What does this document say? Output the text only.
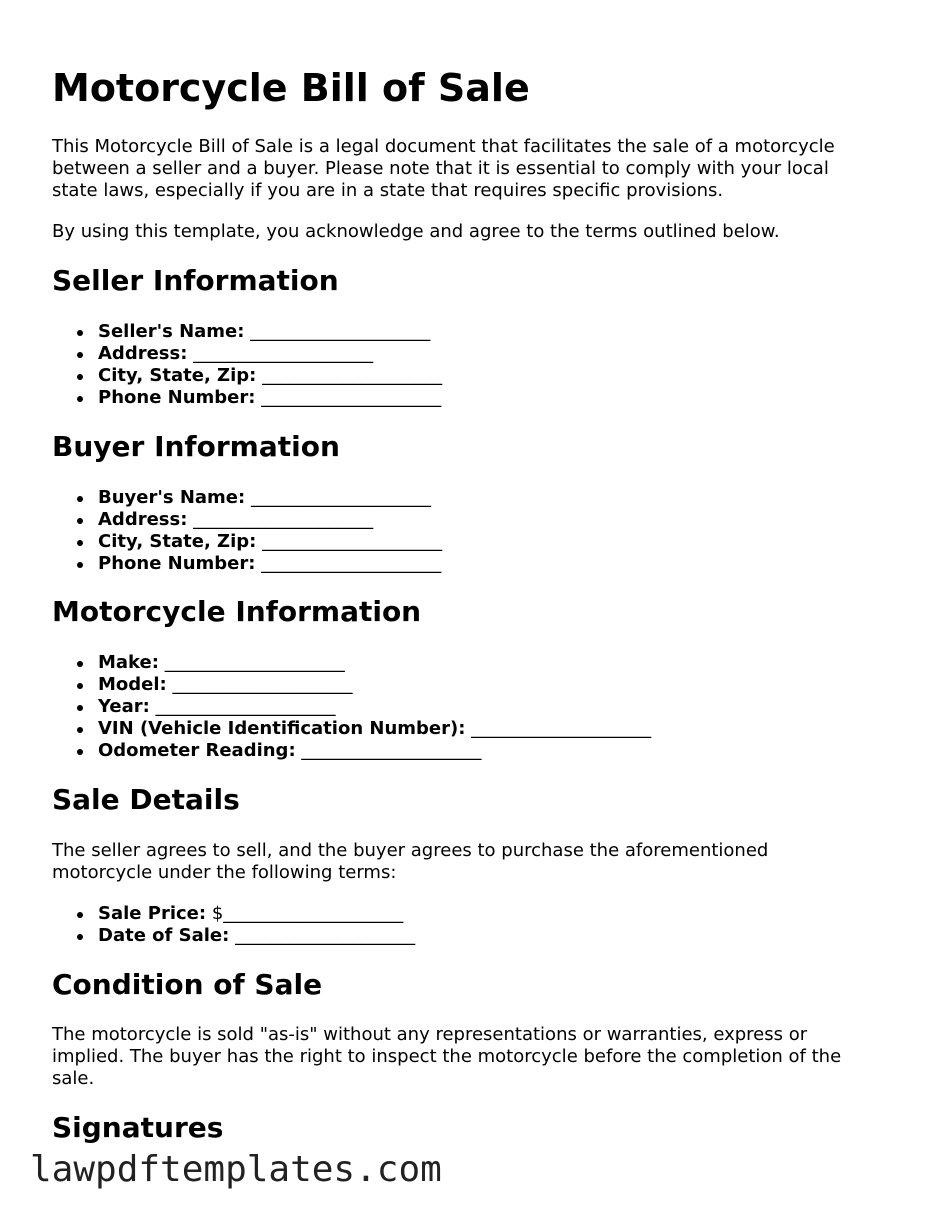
Motorcycle Bill of Sale

This Motorcycle Bill of Sale is a legal document that facilitates the sale of a motorcycle between a seller and a buyer. Please note that it is essential to comply with your local state laws, especially if you are in a state that requires specific provisions.

By using this template, you acknowledge and agree to the terms outlined below.

Seller Information
Seller's Name: ____________________
Address: ____________________
City, State, Zip: ____________________
Phone Number: ____________________
Buyer Information
Buyer's Name: ____________________
Address: ____________________
City, State, Zip: ____________________
Phone Number: ____________________
Motorcycle Information
Make: ____________________
Model: ____________________
Year: ____________________
VIN (Vehicle Identification Number): ____________________
Odometer Reading: ____________________
Sale Details

The seller agrees to sell, and the buyer agrees to purchase the aforementioned motorcycle under the following terms:

Sale Price: $____________________
Date of Sale: ____________________
Condition of Sale

The motorcycle is sold "as-is" without any representations or warranties, express or implied. The buyer has the right to inspect the motorcycle before the completion of the sale.

Signatures
lawpdftemplates.com
